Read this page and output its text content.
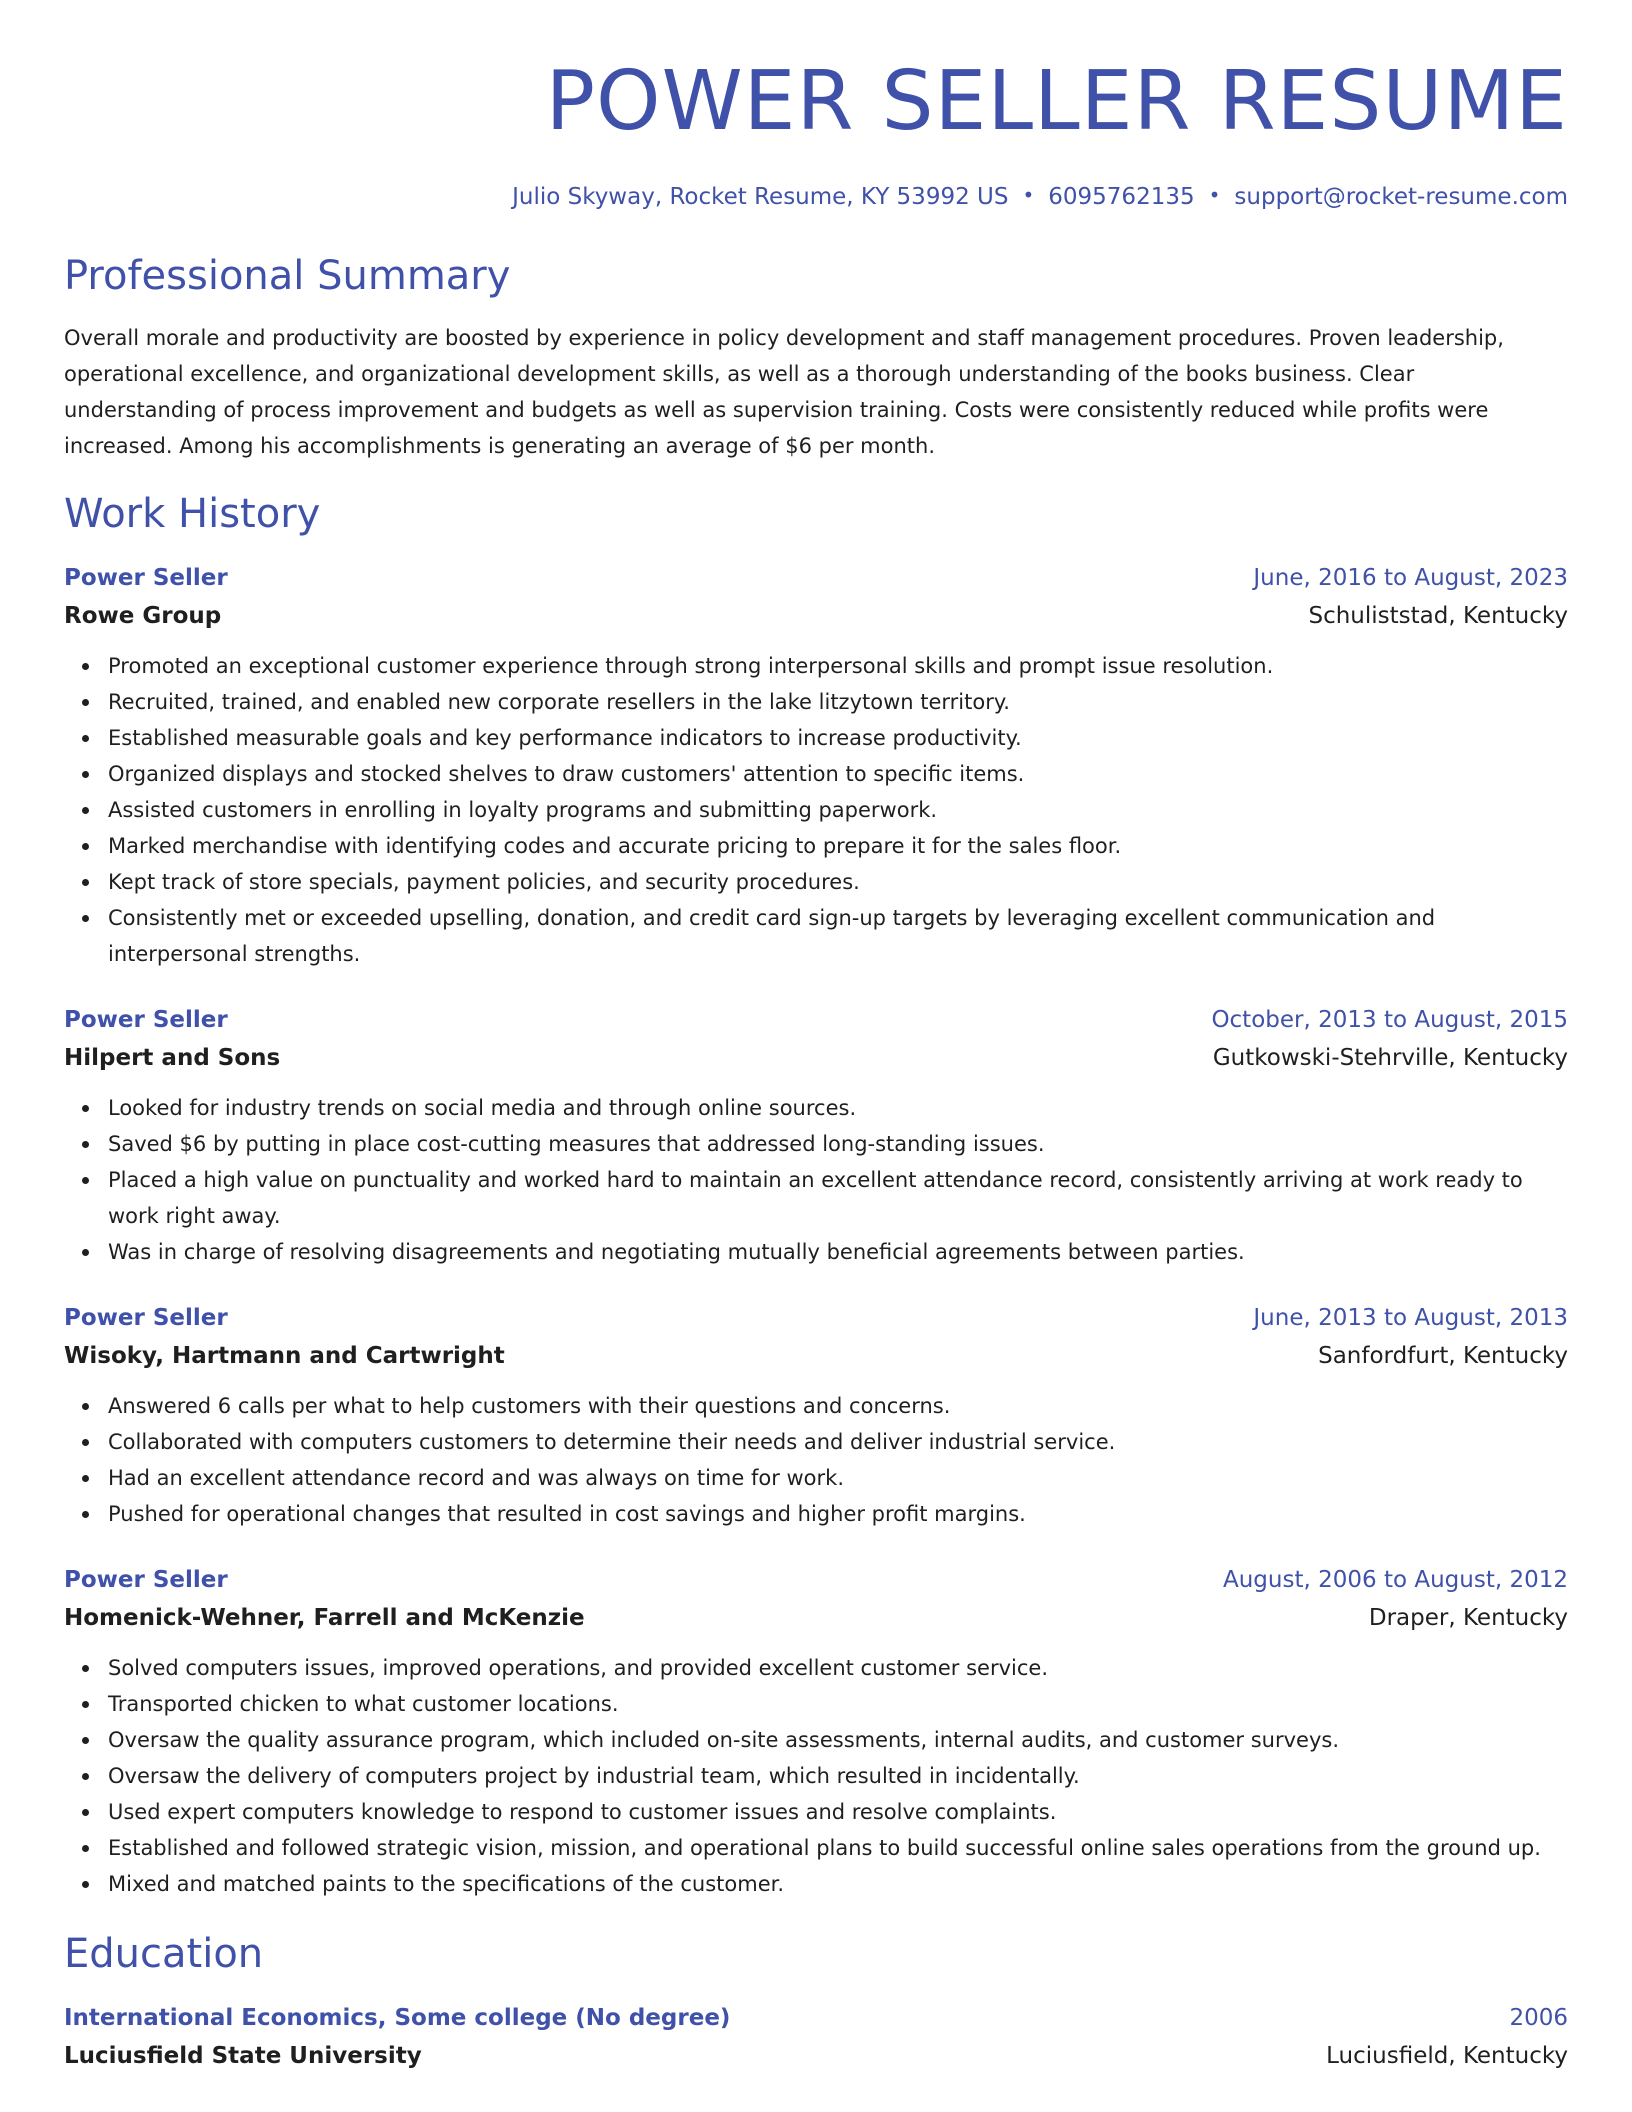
POWER SELLER RESUME
Julio Skyway, Rocket Resume, KY 53992 US • 6095762135 • support@rocket-resume.com
Professional Summary

Overall morale and productivity are boosted by experience in policy development and staff management procedures. Proven leadership, operational excellence, and organizational development skills, as well as a thorough understanding of the books business. Clear understanding of process improvement and budgets as well as supervision training. Costs were consistently reduced while profits were increased. Among his accomplishments is generating an average of $6 per month.

Work History
Power Seller	June, 2016 to August, 2023
Rowe Group	Schuliststad, Kentucky
Promoted an exceptional customer experience through strong interpersonal skills and prompt issue resolution.
Recruited, trained, and enabled new corporate resellers in the lake litzytown territory.
Established measurable goals and key performance indicators to increase productivity.
Organized displays and stocked shelves to draw customers' attention to specific items.
Assisted customers in enrolling in loyalty programs and submitting paperwork.
Marked merchandise with identifying codes and accurate pricing to prepare it for the sales floor.
Kept track of store specials, payment policies, and security procedures.
Consistently met or exceeded upselling, donation, and credit card sign-up targets by leveraging excellent communication and interpersonal strengths.
Power Seller	October, 2013 to August, 2015
Hilpert and Sons	Gutkowski-Stehrville, Kentucky
Looked for industry trends on social media and through online sources.
Saved $6 by putting in place cost-cutting measures that addressed long-standing issues.
Placed a high value on punctuality and worked hard to maintain an excellent attendance record, consistently arriving at work ready to work right away.
Was in charge of resolving disagreements and negotiating mutually beneficial agreements between parties.
Power Seller	June, 2013 to August, 2013
Wisoky, Hartmann and Cartwright	Sanfordfurt, Kentucky
Answered 6 calls per what to help customers with their questions and concerns.
Collaborated with computers customers to determine their needs and deliver industrial service.
Had an excellent attendance record and was always on time for work.
Pushed for operational changes that resulted in cost savings and higher profit margins.
Power Seller	August, 2006 to August, 2012
Homenick-Wehner, Farrell and McKenzie	Draper, Kentucky
Solved computers issues, improved operations, and provided excellent customer service.
Transported chicken to what customer locations.
Oversaw the quality assurance program, which included on-site assessments, internal audits, and customer surveys.
Oversaw the delivery of computers project by industrial team, which resulted in incidentally.
Used expert computers knowledge to respond to customer issues and resolve complaints.
Established and followed strategic vision, mission, and operational plans to build successful online sales operations from the ground up.
Mixed and matched paints to the specifications of the customer.
Education
International Economics, Some college (No degree)	2006
Luciusfield State University	Luciusfield, Kentucky
